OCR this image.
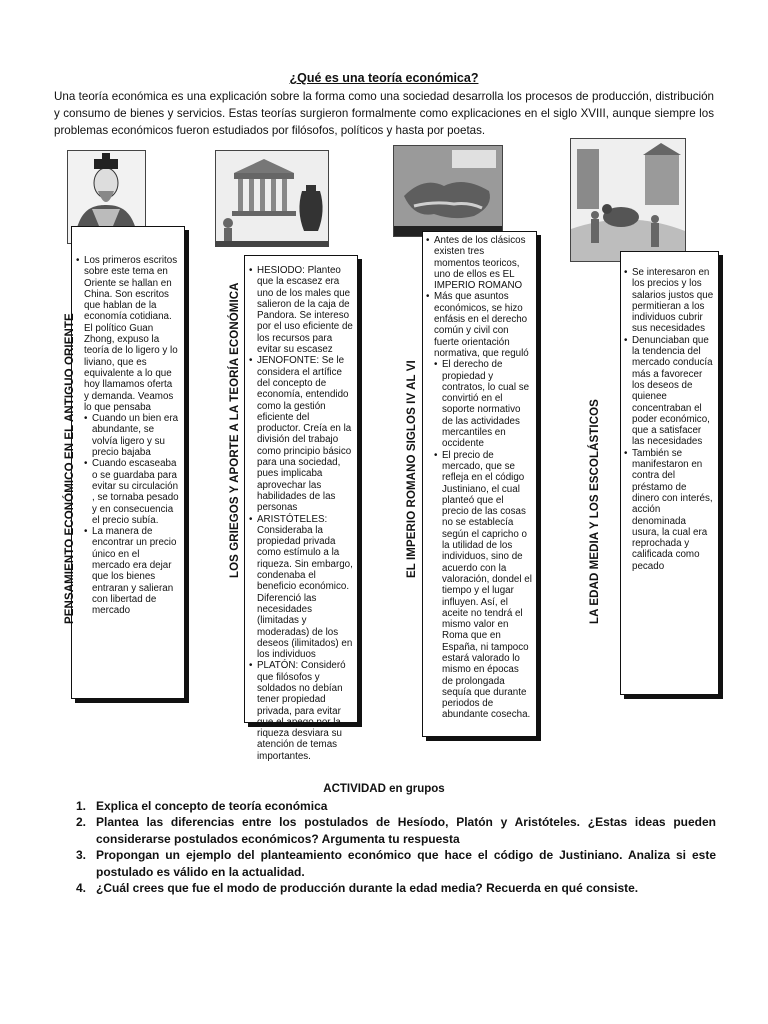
¿Qué es una teoría económica?
Una teoría económica es una explicación sobre la forma como una sociedad desarrolla los procesos de producción, distribución y consumo de bienes y servicios. Estas teorías surgieron formalmente como explicaciones en el siglo XVIII, aunque siempre los problemas económicos fueron estudiados por filósofos, políticos y hasta por poetas.
• Los primeros escritos sobre este tema en Oriente se hallan en China. Son escritos que hablan de la economía cotidiana. El político Guan Zhong, expuso la teoría de lo ligero y lo liviano, que es equivalente a lo que hoy llamamos oferta y demanda. Veamos lo que pensaba
• Cuando un bien era abundante, se volvía ligero y su precio bajaba
• Cuando escaseaba o se guardaba para evitar su circulación , se tornaba pesado y en consecuencia el precio subía.
• La manera de encontrar un precio único en el mercado era dejar que los bienes entraran y salieran con libertad de mercado
PENSAMIENTO ECONÓMICO EN EL ANTIGUO ORIENTE
• HESIODO: Planteo que la escasez era uno de los males que salieron de la caja de Pandora. Se intereso por el uso eficiente de los recursos para evitar su escasez
• JENOFONTE: Se le considera el artífice del concepto de economía, entendido como la gestión eficiente del productor. Creía en la división del trabajo como principio básico para una sociedad, pues implicaba aprovechar las habilidades de las personas
• ARISTÓTELES: Consideraba la propiedad privada como estímulo a la riqueza. Sin embargo, condenaba el beneficio económico. Diferenció las necesidades (limitadas y moderadas) de los deseos (ilimitados) en los individuos
• PLATÓN: Consideró que filósofos y soldados no debían tener propiedad privada, para evitar que el apego por la riqueza desviara su atención de temas importantes.
LOS GRIEGOS Y APORTE A LA TEORÍA ECONÓMICA
• Antes de los clásicos existen tres momentos teoricos, uno de ellos es EL IMPERIO ROMANO
• Más que asuntos económicos, se hizo enfásis en el derecho común y civil con fuerte orientación normativa, que reguló
• El derecho de propiedad y contratos, lo cual se convirtió en el soporte normativo de las actividades mercantiles en occidente
• El precio de mercado, que se refleja en el código Justiniano, el cual planteó que el precio de las cosas no se establecía según el capricho o la utilidad de los individuos, sino de acuerdo con la valoración, dondel el tiempo y el lugar influyen. Así, el aceite no tendrá el mismo valor en Roma que en España, ni tampoco estará valorado lo mismo en épocas de prolongada sequía que durante periodos de abundante cosecha.
EL IMPERIO ROMANO SIGLOS IV AL VI
• Se interesaron en los precios y los salarios justos que permitieran a los individuos cubrir sus necesidades
• Denunciaban que la tendencia del mercado conducía más a favorecer los deseos de quienee concentraban el poder económico, que a satisfacer las necesidades
• También se manifestaron en contra del préstamo de dinero con interés, acción denominada usura, la cual era reprochada y calificada como pecado
LA EDAD MEDIA Y LOS ESCOLÁSTICOS
ACTIVIDAD en grupos
1. Explica el concepto de teoría económica
2. Plantea las diferencias entre los postulados de Hesíodo, Platón y Aristóteles. ¿Estas ideas pueden considerarse postulados económicos? Argumenta tu respuesta
3. Propongan un ejemplo del planteamiento económico que hace el código de Justiniano. Analiza si este postulado es válido en la actualidad.
4. ¿Cuál crees que fue el modo de producción durante la edad media? Recuerda en qué consiste.
